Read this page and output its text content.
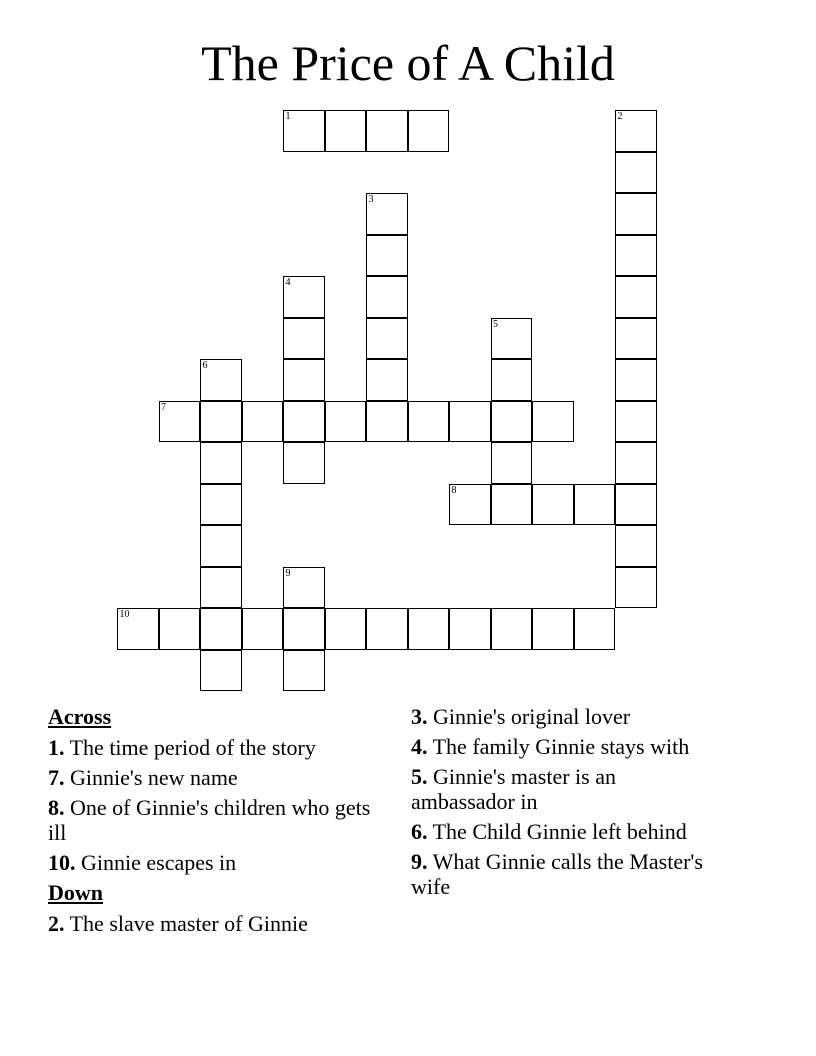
The Price of A Child
1	2
3
4
5
6
7
8
9
10
Across
1. The time period of the story
7. Ginnie's new name
8. One of Ginnie's children who gets ill
10. Ginnie escapes in
Down
2. The slave master of Ginnie
3. Ginnie's original lover
4. The family Ginnie stays with
5. Ginnie's master is an ambassador in
6. The Child Ginnie left behind
9. What Ginnie calls the Master's wife
